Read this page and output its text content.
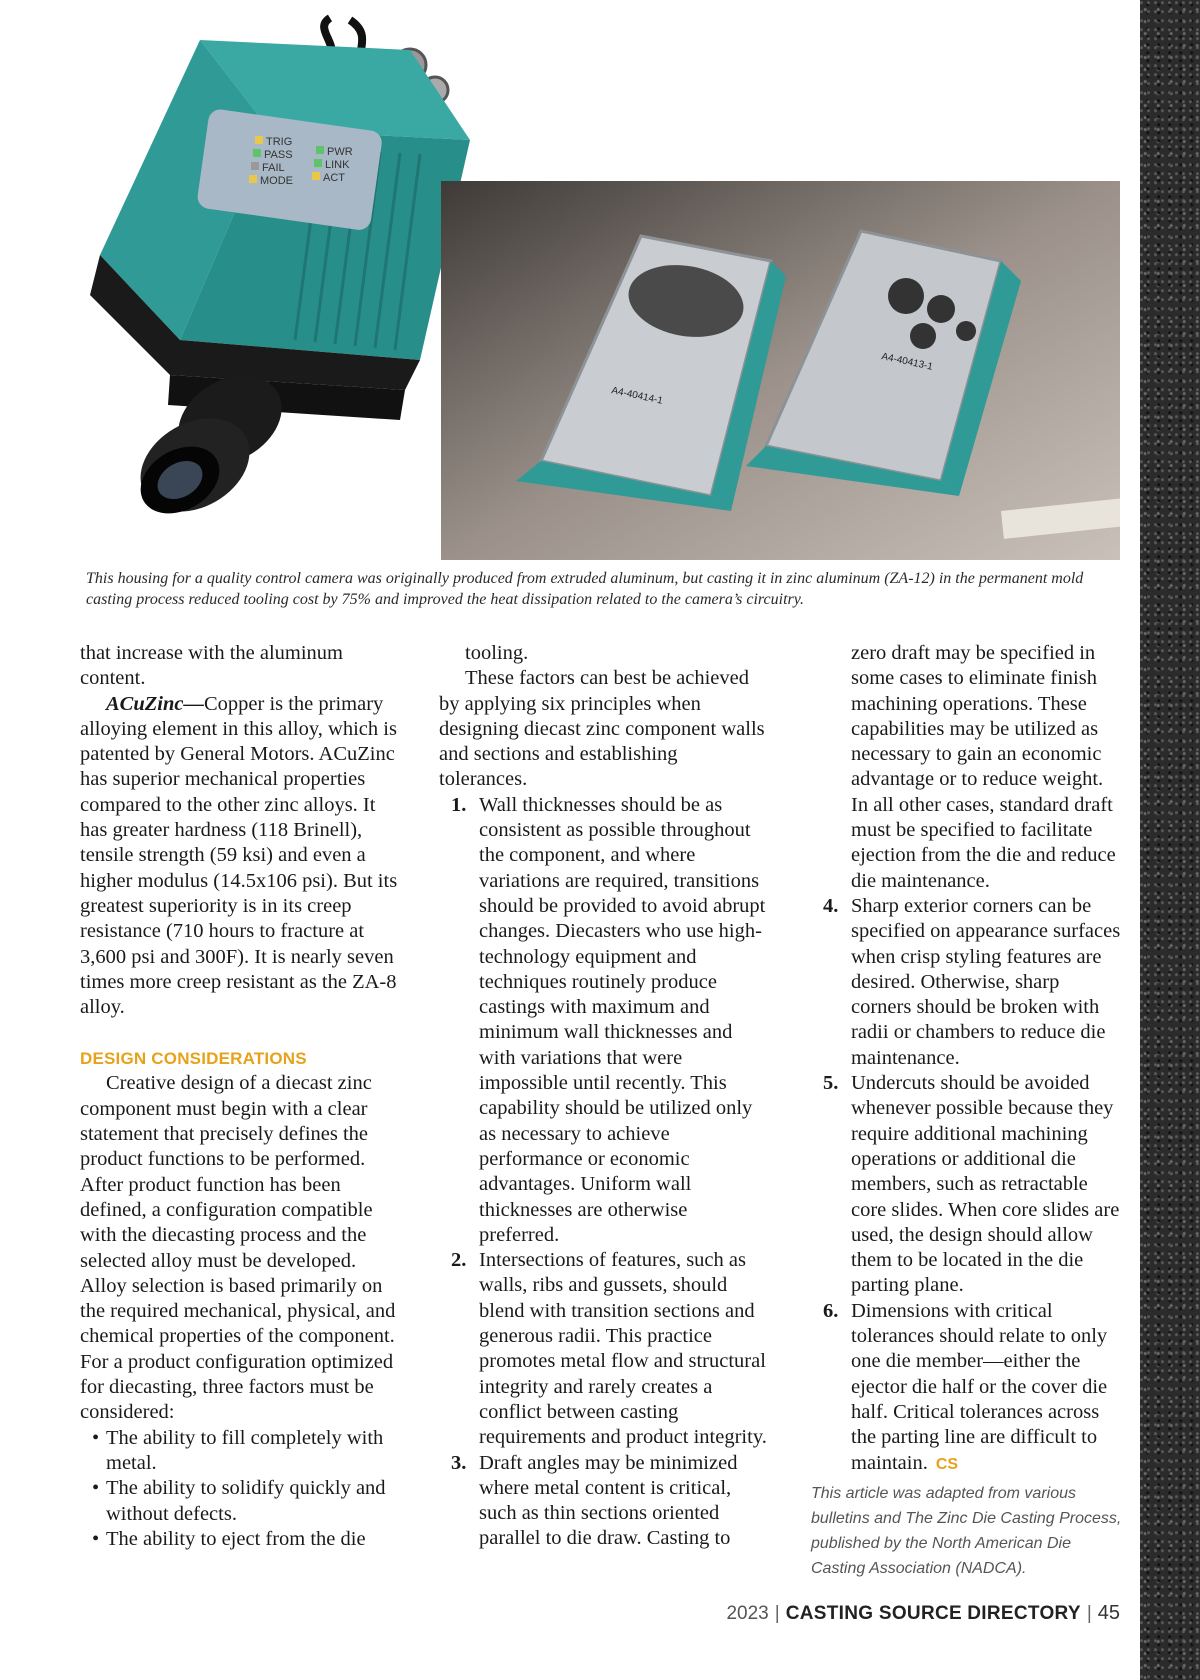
TRIG
PASS
FAIL
MODE
PWR
LINK
ACT
A4-40414-1
A4-40413-1

This housing for a quality control camera was originally produced from extruded aluminum, but casting it in zinc aluminum (ZA-12) in the permanent mold casting process reduced tooling cost by 75% and improved the heat dissipation related to the camera’s circuitry.

that increase with the aluminum content.

ACuZinc—Copper is the primary alloying element in this alloy, which is patented by General Motors. ACuZinc has superior mechanical properties compared to the other zinc alloys. It has greater hardness (118 Brinell), tensile strength (59 ksi) and even a higher modulus (14.5x106 psi). But its greatest superiority is in its creep resistance (710 hours to fracture at 3,600 psi and 300F). It is nearly seven times more creep resistant as the ZA-8 alloy.

DESIGN CONSIDERATIONS

Creative design of a diecast zinc component must begin with a clear statement that precisely defines the product functions to be performed. After product function has been defined, a configuration compatible with the diecasting process and the selected alloy must be developed. Alloy selection is based primarily on the required mechanical, physical, and chemical properties of the component. For a product configuration optimized for diecasting, three factors must be considered:

• The ability to fill completely with metal.
• The ability to solidify quickly and without defects.
• The ability to eject from the die

tooling.

These factors can best be achieved by applying six principles when designing diecast zinc component walls and sections and establishing tolerances.

1. Wall thicknesses should be as consistent as possible throughout the component, and where variations are required, transitions should be provided to avoid abrupt changes. Diecasters who use high-technology equipment and techniques routinely produce castings with maximum and minimum wall thicknesses and with variations that were impossible until recently. This capability should be utilized only as necessary to achieve performance or economic advantages. Uniform wall thicknesses are otherwise preferred.
2. Intersections of features, such as walls, ribs and gussets, should blend with transition sections and generous radii. This practice promotes metal flow and structural integrity and rarely creates a conflict between casting requirements and product integrity.
3. Draft angles may be minimized where metal content is critical, such as thin sections oriented parallel to die draw. Casting to
zero draft may be specified in some cases to eliminate finish machining operations. These capabilities may be utilized as necessary to gain an economic advantage or to reduce weight. In all other cases, standard draft must be specified to facilitate ejection from the die and reduce die maintenance.
4. Sharp exterior corners can be specified on appearance surfaces when crisp styling features are desired. Otherwise, sharp corners should be broken with radii or chambers to reduce die maintenance.
5. Undercuts should be avoided whenever possible because they require additional machining operations or additional die members, such as retractable core slides. When core slides are used, the design should allow them to be located in the die parting plane.
6. Dimensions with critical tolerances should relate to only one die member—either the ejector die half or the cover die half. Critical tolerances across the parting line are difficult to maintain. CS

This article was adapted from various bulletins and The Zinc Die Casting Process, published by the North American Die Casting Association (NADCA).

2023 | CASTING SOURCE DIRECTORY | 45
